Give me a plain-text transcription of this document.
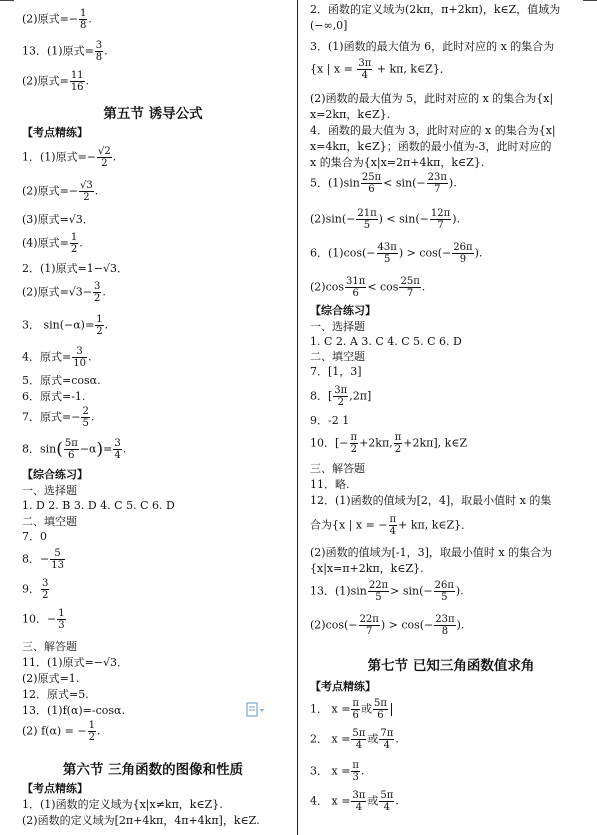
(2)原式=− $\frac{1}{8}$ .
13．(1)原式= $\frac{3}{8}$ .
(2)原式= $\frac{11}{16}$ .
第五节 诱导公式
【考点精练】
1．(1)原式=− $\frac{√2}{2}$ .
(2)原式=− $\frac{√3}{2}$ .
(3)原式=√3．
(4)原式= $\frac{1}{2}$ .
2．(1)原式=1−√3．
(2)原式$=√3- \frac{3}{2}$ .
3． $\sin(-\alpha)= \frac{1}{2}$ .
4．原式= $\frac{3}{10}$ .
5．原式=cosα.
6．原式=-1.
7．原式=− $\frac{2}{5}$ .
8．$\sin( \frac{5\pi}{6} -\alpha)= \frac{3}{4}$ .
【综合练习】
一、选择题
1. D 2. B 3. D 4. C 5. C 6. D
二、填空题
7．0
8．− $\frac{5}{13}$
9． $\frac{3}{2}$
10．− $\frac{1}{3}$
三、解答题
11．(1)原式=−√3．
(2)原式=1.
12．原式=5.
13．(1)f(α)=-cosα.
(2) f(α) = − $\frac{1}{2}$ .
第六节 三角函数的图像和性质
【考点精练】
1．(1)函数的定义域为{x|x≠kπ，k∈Z}.
(2)函数的定义域为[2π+4kπ，4π+4kπ]，k∈Z.
2．函数的定义域为(2kπ，π+2kπ)，k∈Z，值域为
(−∞,0]
3．(1)函数的最大值为 6，此时对应的 x 的集合为
{x | $x = \frac{3\pi}{4} + k\pi$, k∈Z}．
(2)函数的最大值为 5，此时对应的 x 的集合为{x|
x=2kπ，k∈Z}.
4．函数的最大值为 3，此时对应的 x 的集合为{x|
x=4kπ，k∈Z}；函数的最小值为-3，此时对应的
x 的集合为{x|x=2π+4kπ，k∈Z}.
5．$(1)\sin \frac{25\pi}{6} < \sin(- \frac{23\pi}{7}$ ).
$(2)\sin(- \frac{21\pi}{5}$ ) < $\sin(- \frac{12\pi}{7}$ ).
6．$(1)\cos(- \frac{43\pi}{5}$ ) > $\cos(- \frac{26\pi}{9}$ ).
$(2)\cos \frac{31\pi}{6} < \cos \frac{25\pi}{7}$ .
【综合练习】
一、选择题
1. C 2. A 3. C 4. C 5. C 6. D
二、填空题
7．[1，3]
8．[ $\frac{3\pi}{2} ,2\pi$]
9．-2 1
10．[− $\frac{\pi}{2} +2k\pi$, $\frac{\pi}{2} +2k\pi$], k∈Z
三、解答题
11．略.
12．(1)函数的值域为[2，4]，取最小值时 x 的集
合为{x | x = − $\frac{\pi}{4} + k\pi$, k∈Z}．
(2)函数的值域为[-1，3]，取最小值时 x 的集合为
{x|x=π+2kπ，k∈Z}.
13．$(1)\sin \frac{22\pi}{5} > \sin(- \frac{26\pi}{5}$ ).
$(2)\cos(- \frac{22\pi}{7}$ ) > $\cos(- \frac{23\pi}{8}$ ).
第七节 已知三角函数值求角
【考点精练】
1． $x = \frac{\pi}{6}$ 或 $\frac{5\pi}{6}$
2． $x = \frac{5\pi}{4}$ 或 $\frac{7\pi}{4}$ .
3． $x = \frac{\pi}{3}$ .
4． $x = \frac{3\pi}{4}$ 或 $\frac{5\pi}{4}$ .
